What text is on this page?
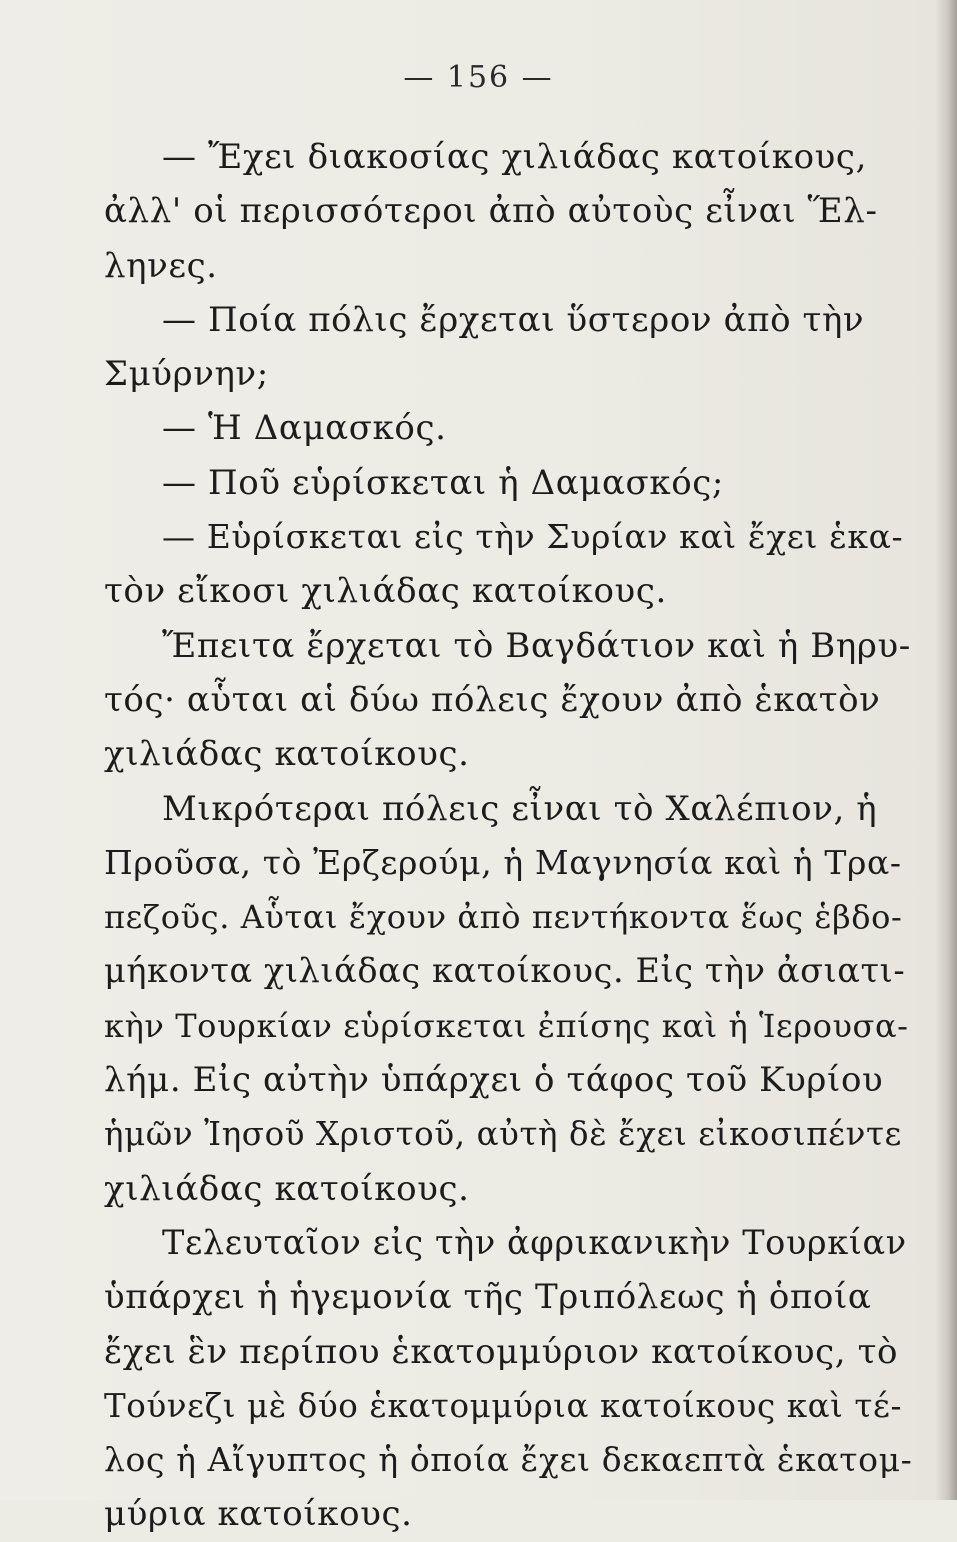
— 156 —
— Ἔχει διακοσίας χιλιάδας κατοίκους,
ἀλλ' οἱ περισσότεροι ἀπὸ αὐτοὺς εἶναι Ἕλ-
ληνες.
— Ποία πόλις ἔρχεται ὕστερον ἀπὸ τὴν
Σμύρνην;
— Ἡ Δαμασκός.
— Ποῦ εὑρίσκεται ἡ Δαμασκός;
— Εὑρίσκεται εἰς τὴν Συρίαν καὶ ἔχει ἑκα-
τὸν εἴκοσι χιλιάδας κατοίκους.
Ἔπειτα ἔρχεται τὸ Βαγδάτιον καὶ ἡ Βηρυ-
τός· αὗται αἱ δύω πόλεις ἔχουν ἀπὸ ἑκατὸν
χιλιάδας κατοίκους.
Μικρότεραι πόλεις εἶναι τὸ Χαλέπιον, ἡ
Προῦσα, τὸ Ἐρζερούμ, ἡ Μαγνησία καὶ ἡ Τρα-
πεζοῦς. Αὗται ἔχουν ἀπὸ πεντήκοντα ἕως ἑβδο-
μήκοντα χιλιάδας κατοίκους. Εἰς τὴν ἀσιατι-
κὴν Τουρκίαν εὑρίσκεται ἐπίσης καὶ ἡ Ἱερουσα-
λήμ. Εἰς αὐτὴν ὑπάρχει ὁ τάφος τοῦ Κυρίου
ἡμῶν Ἰησοῦ Χριστοῦ, αὐτὴ δὲ ἔχει εἰκοσιπέντε
χιλιάδας κατοίκους.
Τελευταῖον εἰς τὴν ἀφρικανικὴν Τουρκίαν
ὑπάρχει ἡ ἡγεμονία τῆς Τριπόλεως ἡ ὁποία
ἔχει ἓν περίπου ἑκατομμύριον κατοίκους, τὸ
Τούνεζι μὲ δύο ἑκατομμύρια κατοίκους καὶ τέ-
λος ἡ Αἴγυπτος ἡ ὁποία ἔχει δεκαεπτὰ ἑκατομ-
μύρια κατοίκους.
